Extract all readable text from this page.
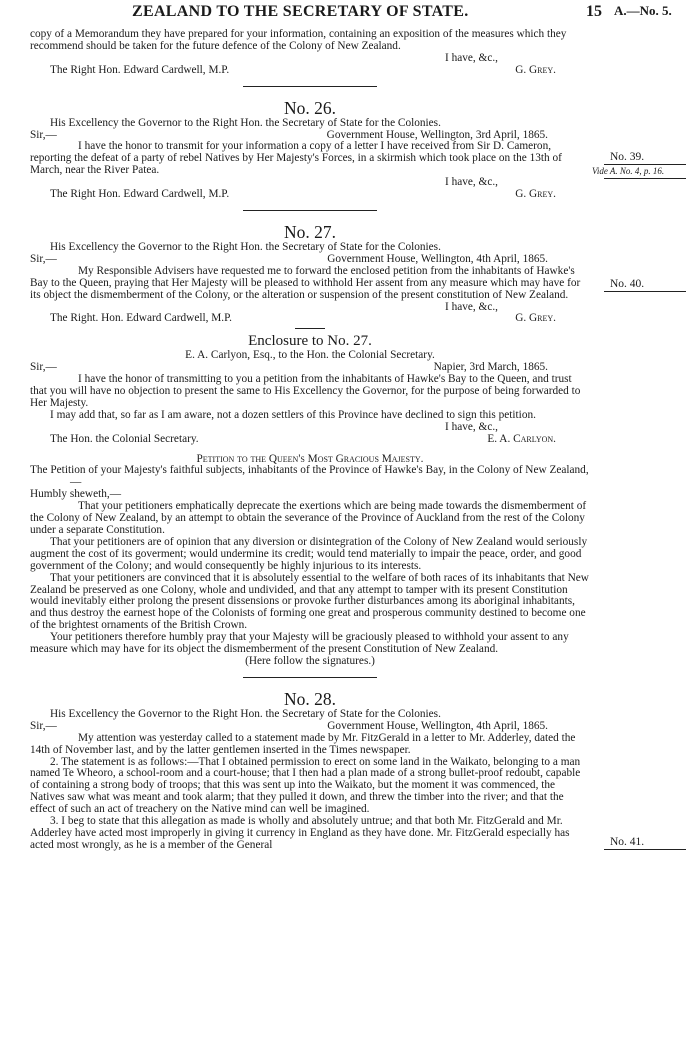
ZEALAND TO THE SECRETARY OF STATE.	15 A.—No. 5.

copy of a Memorandum they have prepared for your information, containing an exposition of the measures which they recommend should be taken for the future defence of the Colony of New Zealand.

I have, &c.,

The Right Hon. Edward Cardwell, M.P.	G. Grey.
No. 26.

His Excellency the Governor to the Right Hon. the Secretary of State for the Colonies.

Sir,—	Government House, Wellington, 3rd April, 1865.

I have the honor to transmit for your information a copy of a letter I have received from Sir D. Cameron, reporting the defeat of a party of rebel Natives by Her Majesty's Forces, in a skirmish which took place on the 13th of March, near the River Patea.

I have, &c.,

The Right Hon. Edward Cardwell, M.P.	G. Grey.
No. 27.

His Excellency the Governor to the Right Hon. the Secretary of State for the Colonies.

Sir,—	Government House, Wellington, 4th April, 1865.

My Responsible Advisers have requested me to forward the enclosed petition from the inhabitants of Hawke's Bay to the Queen, praying that Her Majesty will be pleased to withhold Her assent from any measure which may have for its object the dismemberment of the Colony, or the alteration or suspension of the present constitution of New Zealand.

I have, &c.,

The Right. Hon. Edward Cardwell, M.P.	G. Grey.
Enclosure to No. 27.

E. A. Carlyon, Esq., to the Hon. the Colonial Secretary.

Sir,—	Napier, 3rd March, 1865.

I have the honor of transmitting to you a petition from the inhabitants of Hawke's Bay to the Queen, and trust that you will have no objection to present the same to His Excellency the Governor, for the purpose of being forwarded to Her Majesty.

I may add that, so far as I am aware, not a dozen settlers of this Province have declined to sign this petition.

I have, &c.,

The Hon. the Colonial Secretary.	E. A. Carlyon.

Petition to the Queen's Most Gracious Majesty.

The Petition of your Majesty's faithful subjects, inhabitants of the Province of Hawke's Bay, in the Colony of New Zealand,—

Humbly sheweth,—

That your petitioners emphatically deprecate the exertions which are being made towards the dismemberment of the Colony of New Zealand, by an attempt to obtain the severance of the Province of Auckland from the rest of the Colony under a separate Constitution.

That your petitioners are of opinion that any diversion or disintegration of the Colony of New Zealand would seriously augment the cost of its goverment; would undermine its credit; would tend materially to impair the peace, order, and good government of the Colony; and would consequently be highly injurious to its interests.

That your petitioners are convinced that it is absolutely essential to the welfare of both races of its inhabitants that New Zealand be preserved as one Colony, whole and undivided, and that any attempt to tamper with its present Constitution would inevitably either prolong the present dissensions or provoke further disturbances among its aboriginal inhabitants, and thus destroy the earnest hope of the Colonists of forming one great and prosperous community destined to become one of the brightest ornaments of the British Crown.

Your petitioners therefore humbly pray that your Majesty will be graciously pleased to withhold your assent to any measure which may have for its object the dismemberment of the present Constitution of New Zealand.

(Here follow the signatures.)

No. 28.

His Excellency the Governor to the Right Hon. the Secretary of State for the Colonies.

Sir,—	Government House, Wellington, 4th April, 1865.

My attention was yesterday called to a statement made by Mr. FitzGerald in a letter to Mr. Adderley, dated the 14th of November last, and by the latter gentlemen inserted in the Times newspaper.

2. The statement is as follows:—That I obtained permission to erect on some land in the Waikato, belonging to a man named Te Wheoro, a school-room and a court-house; that I then had a plan made of a strong bullet-proof redoubt, capable of containing a strong body of troops; that this was sent up into the Waikato, but the moment it was commenced, the Natives saw what was meant and took alarm; that they pulled it down, and threw the timber into the river; and that the effect of such an act of treachery on the Native mind can well be imagined.

3. I beg to state that this allegation as made is wholly and absolutely untrue; and that both Mr. FitzGerald and Mr. Adderley have acted most improperly in giving it currency in England as they have done. Mr. FitzGerald especially has acted most wrongly, as he is a member of the General

No. 39.
Vide A. No. 4, p. 16.
No. 40.
No. 41.
